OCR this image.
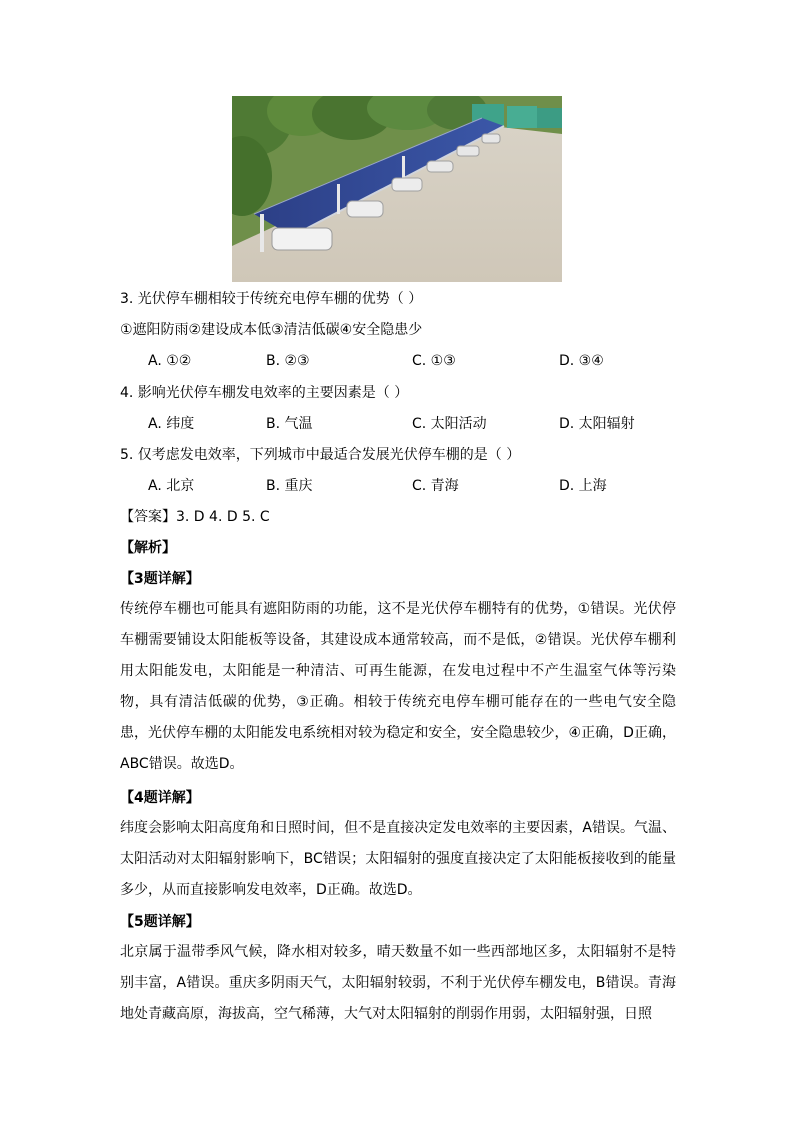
3. 光伏停车棚相较于传统充电停车棚的优势（ ）
①遮阳防雨②建设成本低③清洁低碳④安全隐患少
A. ①②	B. ②③	C. ①③	D. ③④
4. 影响光伏停车棚发电效率的主要因素是（ ）
A. 纬度	B. 气温	C. 太阳活动	D. 太阳辐射
5. 仅考虑发电效率，下列城市中最适合发展光伏停车棚的是（ ）
A. 北京	B. 重庆	C. 青海	D. 上海
【答案】3. D 4. D 5. C
【解析】
【3题详解】
传统停车棚也可能具有遮阳防雨的功能，这不是光伏停车棚特有的优势，①错误。光伏停车棚需要铺设太阳能板等设备，其建设成本通常较高，而不是低，②错误。光伏停车棚利用太阳能发电，太阳能是一种清洁、可再生能源，在发电过程中不产生温室气体等污染物，具有清洁低碳的优势，③正确。相较于传统充电停车棚可能存在的一些电气安全隐患，光伏停车棚的太阳能发电系统相对较为稳定和安全，安全隐患较少，④正确，D正确，ABC错误。故选D。
【4题详解】
纬度会影响太阳高度角和日照时间，但不是直接决定发电效率的主要因素，A错误。气温、太阳活动对太阳辐射影响下，BC错误；太阳辐射的强度直接决定了太阳能板接收到的能量多少，从而直接影响发电效率，D正确。故选D。
【5题详解】
北京属于温带季风气候，降水相对较多，晴天数量不如一些西部地区多，太阳辐射不是特别丰富，A错误。重庆多阴雨天气，太阳辐射较弱，不利于光伏停车棚发电，B错误。青海地处青藏高原，海拔高，空气稀薄，大气对太阳辐射的削弱作用弱，太阳辐射强，日照
